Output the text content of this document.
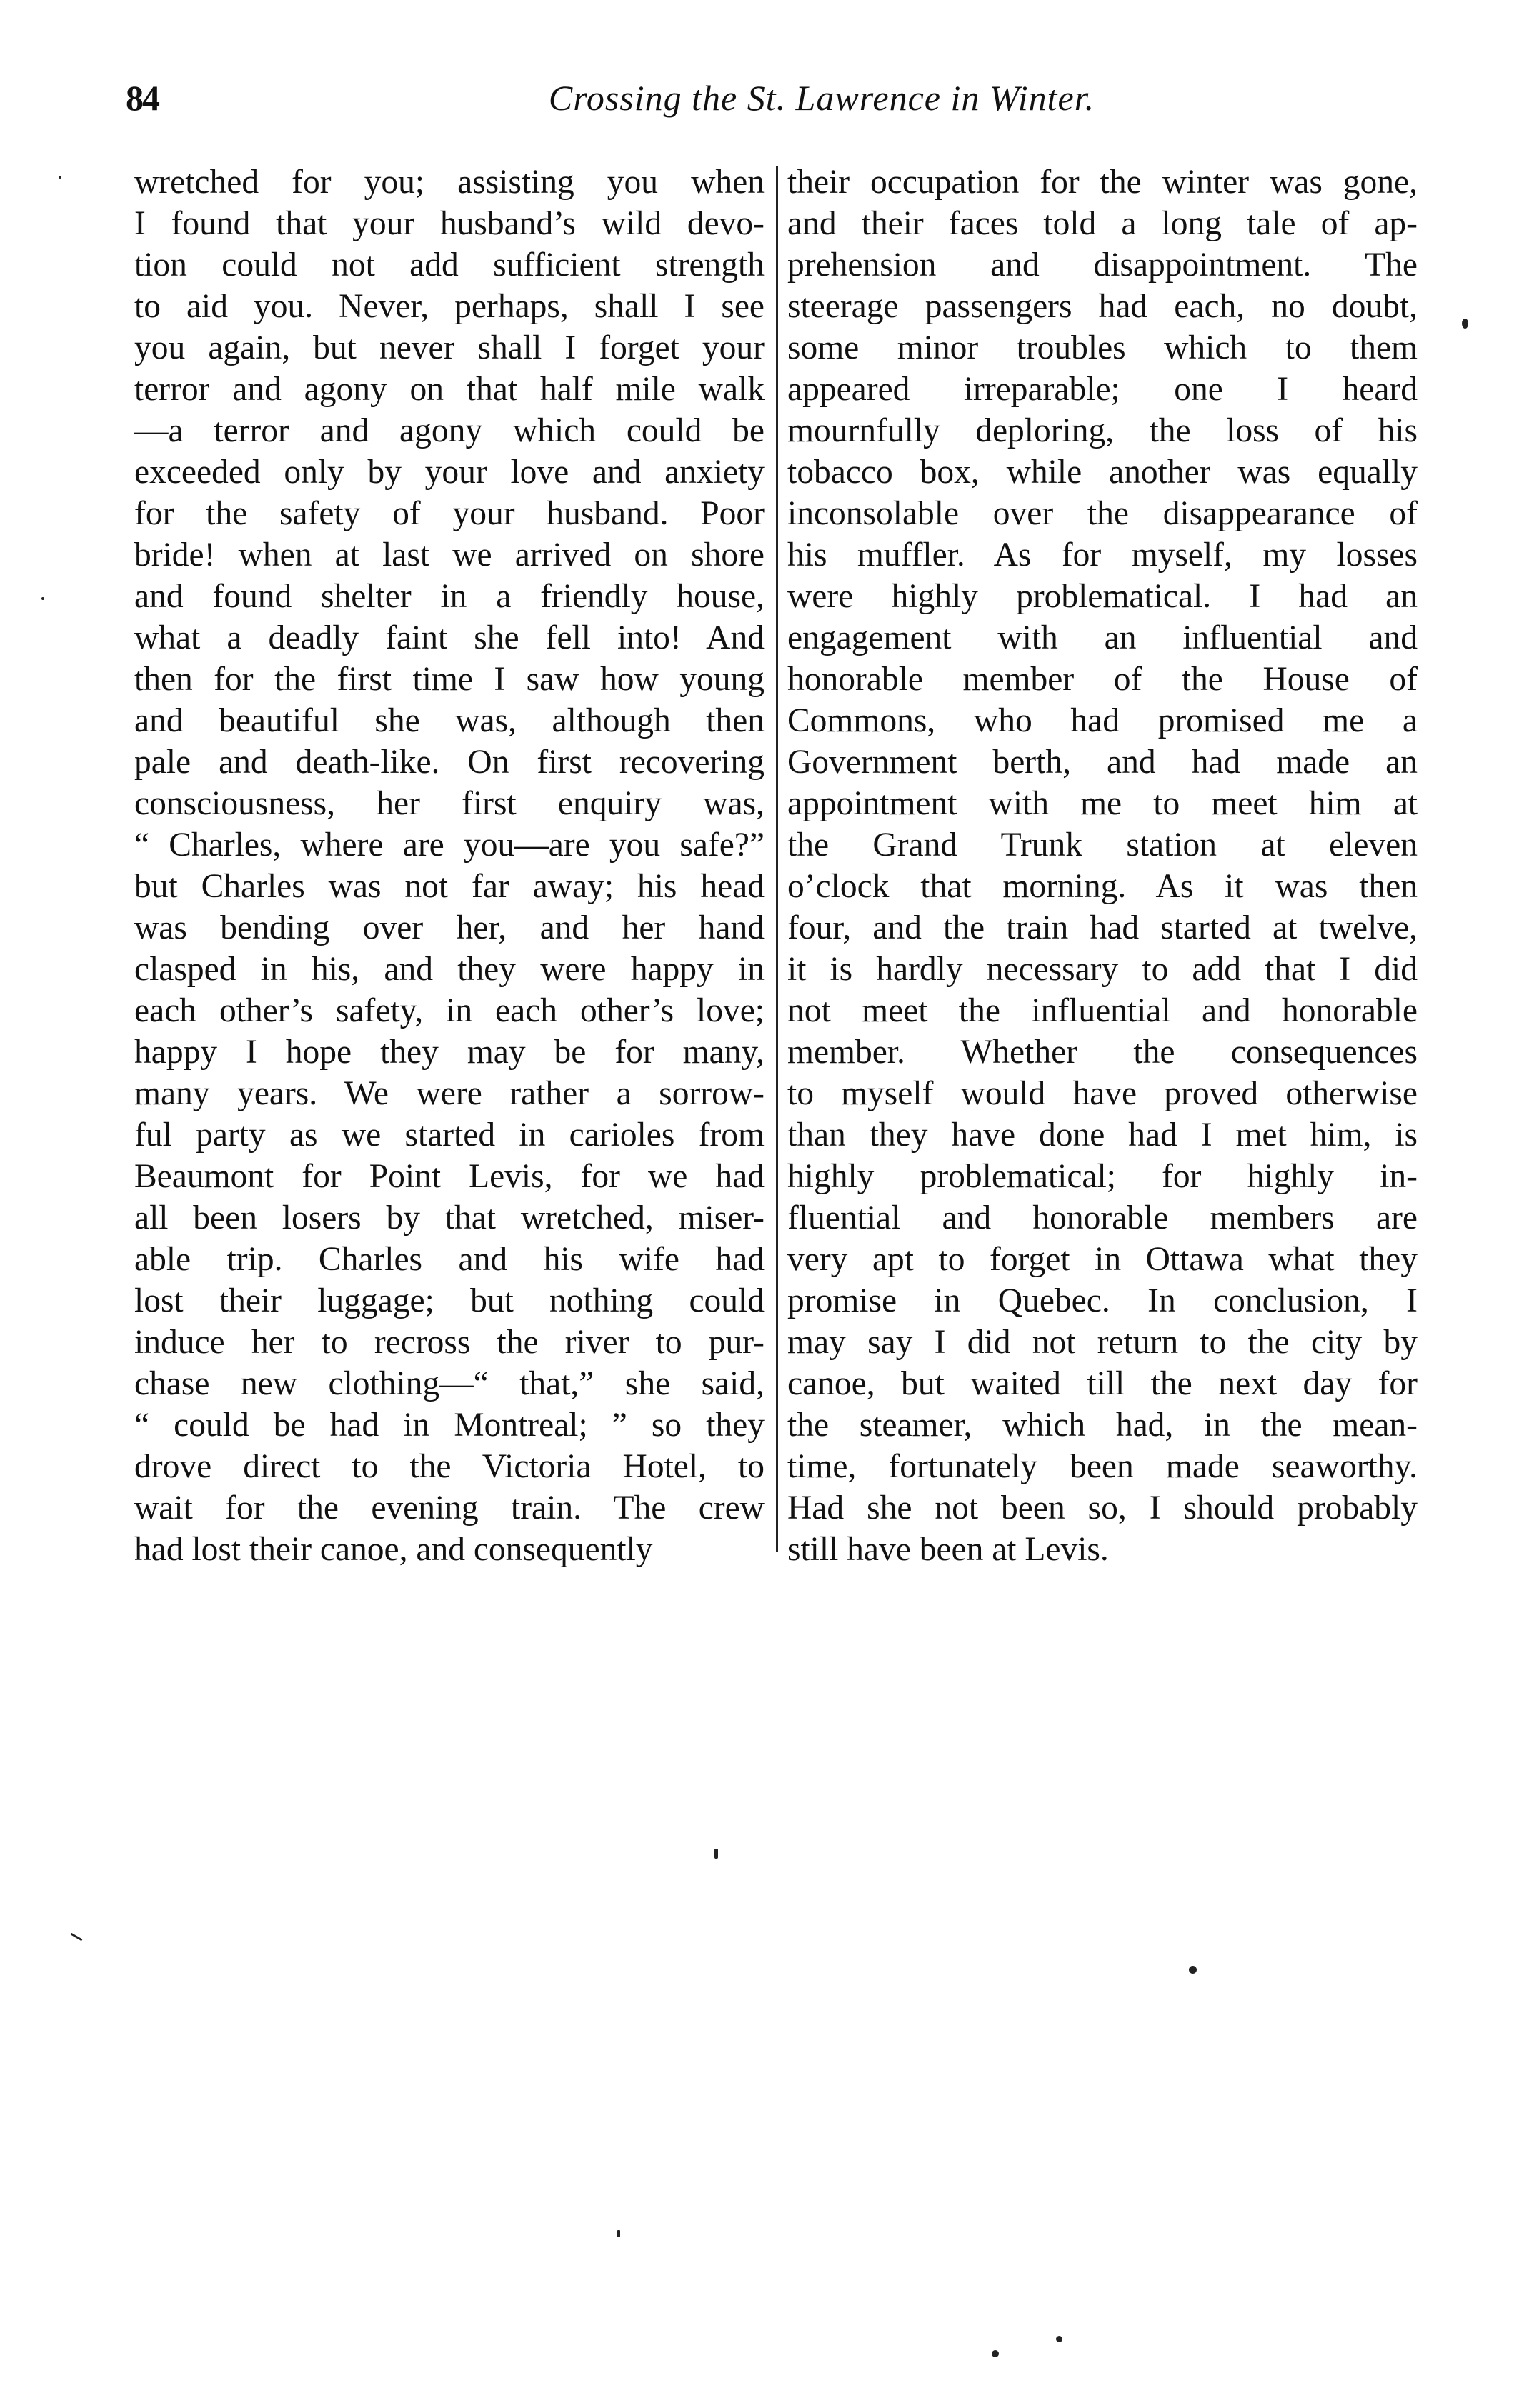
84	Crossing the St. Lawrence in Winter.
wretched for you; assisting you when
I found that your husband’s wild devo-
tion could not add sufficient strength
to aid you. Never, perhaps, shall I see
you again, but never shall I forget your
terror and agony on that half mile walk
—a terror and agony which could be
exceeded only by your love and anxiety
for the safety of your husband. Poor
bride! when at last we arrived on shore
and found shelter in a friendly house,
what a deadly faint she fell into! And
then for the first time I saw how young
and beautiful she was, although then
pale and death-like. On first recovering
consciousness, her first enquiry was,
“ Charles, where are you—are you safe?”
but Charles was not far away; his head
was bending over her, and her hand
clasped in his, and they were happy in
each other’s safety, in each other’s love;
happy I hope they may be for many,
many years. We were rather a sorrow-
ful party as we started in carioles from
Beaumont for Point Levis, for we had
all been losers by that wretched, miser-
able trip. Charles and his wife had
lost their luggage; but nothing could
induce her to recross the river to pur-
chase new clothing—“ that,” she said,
“ could be had in Montreal; ” so they
drove direct to the Victoria Hotel, to
wait for the evening train. The crew
had lost their canoe, and consequently
their occupation for the winter was gone,
and their faces told a long tale of ap-
prehension and disappointment. The
steerage passengers had each, no doubt,
some minor troubles which to them
appeared irreparable; one I heard
mournfully deploring, the loss of his
tobacco box, while another was equally
inconsolable over the disappearance of
his muffler. As for myself, my losses
were highly problematical. I had an
engagement with an influential and
honorable member of the House of
Commons, who had promised me a
Government berth, and had made an
appointment with me to meet him at
the Grand Trunk station at eleven
o’clock that morning. As it was then
four, and the train had started at twelve,
it is hardly necessary to add that I did
not meet the influential and honorable
member. Whether the consequences
to myself would have proved otherwise
than they have done had I met him, is
highly problematical; for highly in-
fluential and honorable members are
very apt to forget in Ottawa what they
promise in Quebec. In conclusion, I
may say I did not return to the city by
canoe, but waited till the next day for
the steamer, which had, in the mean-
time, fortunately been made seaworthy.
Had she not been so, I should probably
still have been at Levis.
